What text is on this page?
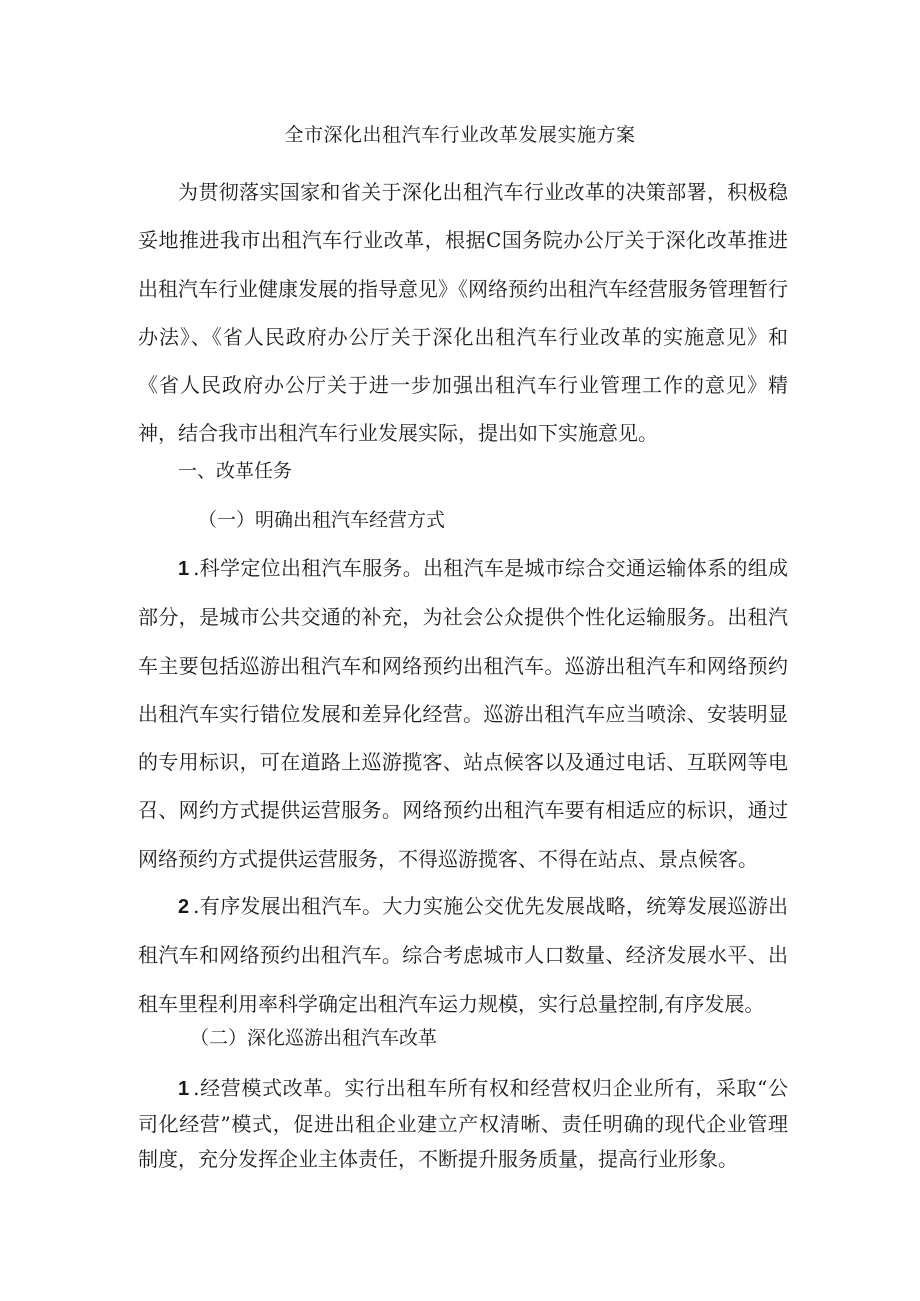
全市深化出租汽车行业改革发展实施方案

为贯彻落实国家和省关于深化出租汽车行业改革的决策部署，积极稳妥地推进我市出租汽车行业改革，根据C国务院办公厅关于深化改革推进出租汽车行业健康发展的指导意见》《网络预约出租汽车经营服务管理暂行办法》、《省人民政府办公厅关于深化出租汽车行业改革的实施意见》和《省人民政府办公厅关于进一步加强出租汽车行业管理工作的意见》精神，结合我市出租汽车行业发展实际，提出如下实施意见。

一、改革任务
（一）明确出租汽车经营方式

1 .科学定位出租汽车服务。出租汽车是城市综合交通运输体系的组成部分，是城市公共交通的补充，为社会公众提供个性化运输服务。出租汽车主要包括巡游出租汽车和网络预约出租汽车。巡游出租汽车和网络预约出租汽车实行错位发展和差异化经营。巡游出租汽车应当喷涂、安装明显的专用标识，可在道路上巡游揽客、站点候客以及通过电话、互联网等电召、网约方式提供运营服务。网络预约出租汽车要有相适应的标识，通过网络预约方式提供运营服务，不得巡游揽客、不得在站点、景点候客。

2 .有序发展出租汽车。大力实施公交优先发展战略，统筹发展巡游出租汽车和网络预约出租汽车。综合考虑城市人口数量、经济发展水平、出租车里程利用率科学确定出租汽车运力规模，实行总量控制,有序发展。

（二）深化巡游出租汽车改革

1 .经营模式改革。实行出租车所有权和经营权归企业所有，采取“公司化经营”模式，促进出租企业建立产权清晰、责任明确的现代企业管理制度，充分发挥企业主体责任，不断提升服务质量，提高行业形象。
